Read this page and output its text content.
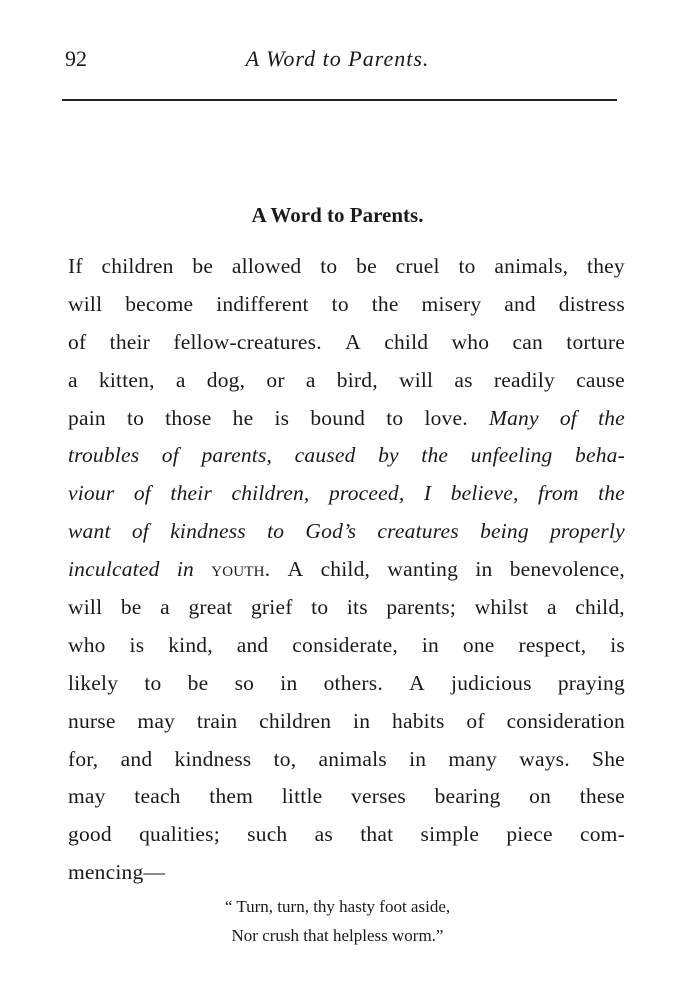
92	A Word to Parents.
A Word to Parents.
If children be allowed to be cruel to animals, they
will become indifferent to the misery and distress
of their fellow-creatures. A child who can torture
a kitten, a dog, or a bird, will as readily cause
pain to those he is bound to love. Many of the
troubles of parents, caused by the unfeeling beha-
viour of their children, proceed, I believe, from the
want of kindness to God’s creatures being properly
inculcated in youth. A child, wanting in benevolence,
will be a great grief to its parents; whilst a child,
who is kind, and considerate, in one respect, is
likely to be so in others. A judicious praying
nurse may train children in habits of consideration
for, and kindness to, animals in many ways. She
may teach them little verses bearing on these
good qualities; such as that simple piece com-
mencing—
“ Turn, turn, thy hasty foot aside,
Nor crush that helpless worm.”
